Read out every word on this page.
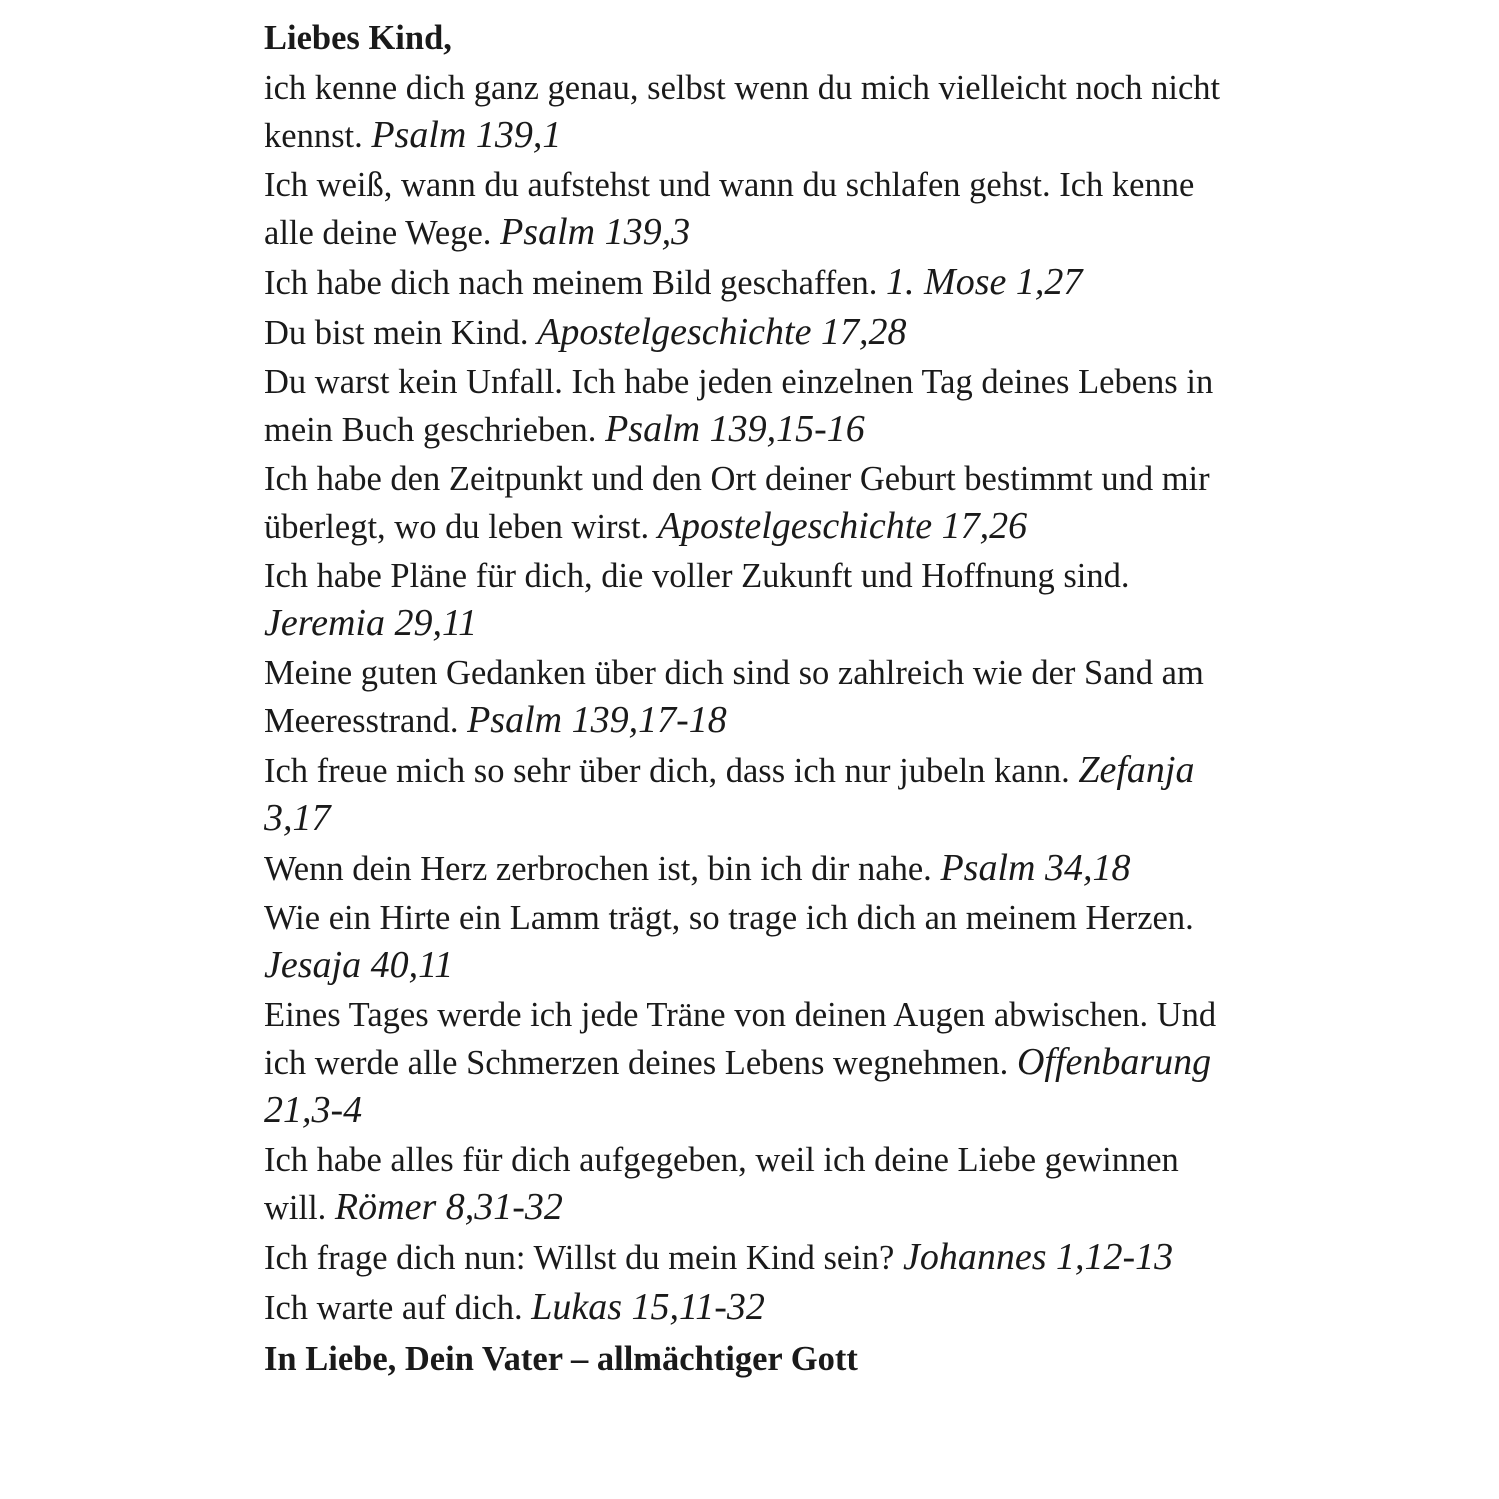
Liebes Kind,
ich kenne dich ganz genau, selbst wenn du mich vielleicht noch nicht kennst. Psalm 139,1
Ich weiß, wann du aufstehst und wann du schlafen gehst. Ich kenne alle deine Wege. Psalm 139,3
Ich habe dich nach meinem Bild geschaffen. 1. Mose 1,27
Du bist mein Kind. Apostelgeschichte 17,28
Du warst kein Unfall. Ich habe jeden einzelnen Tag deines Lebens in mein Buch geschrieben. Psalm 139,15-16
Ich habe den Zeitpunkt und den Ort deiner Geburt bestimmt und mir überlegt, wo du leben wirst. Apostelgeschichte 17,26
Ich habe Pläne für dich, die voller Zukunft und Hoffnung sind. Jeremia 29,11
Meine guten Gedanken über dich sind so zahlreich wie der Sand am Meeresstrand. Psalm 139,17-18
Ich freue mich so sehr über dich, dass ich nur jubeln kann. Zefanja 3,17
Wenn dein Herz zerbrochen ist, bin ich dir nahe. Psalm 34,18
Wie ein Hirte ein Lamm trägt, so trage ich dich an meinem Herzen. Jesaja 40,11
Eines Tages werde ich jede Träne von deinen Augen abwischen. Und ich werde alle Schmerzen deines Lebens wegnehmen. Offenbarung 21,3-4
Ich habe alles für dich aufgegeben, weil ich deine Liebe gewinnen will. Römer 8,31-32
Ich frage dich nun: Willst du mein Kind sein? Johannes 1,12-13
Ich warte auf dich. Lukas 15,11-32
In Liebe, Dein Vater – allmächtiger Gott
